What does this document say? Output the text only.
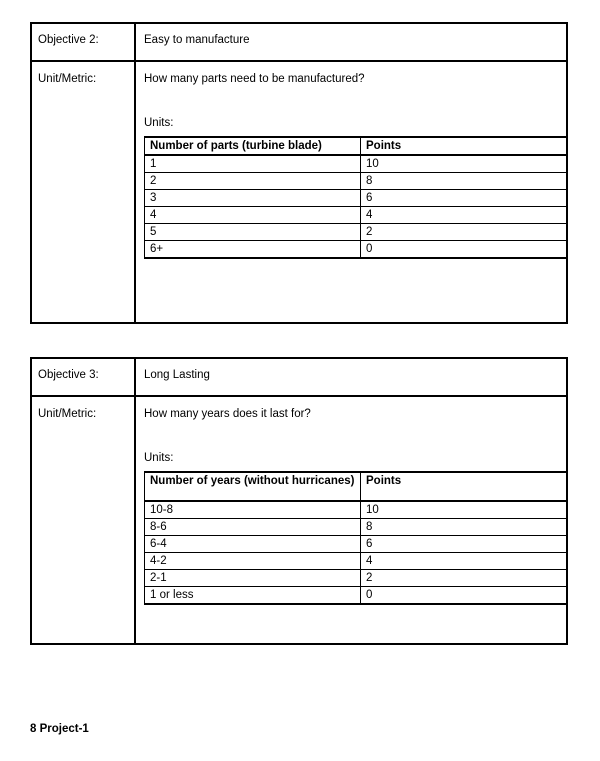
Objective 2:	Easy to manufacture
Unit/Metric:	How many parts need to be manufactured?

Units:

Number of parts (turbine blade)	Points
1	10
2	8
3	6
4	4
5	2
6+	0
Objective 3:	Long Lasting
Unit/Metric:	How many years does it last for?

Units:

Number of years (without hurricanes)	Points
10-8	10
8-6	8
6-4	6
4-2	4
2-1	2
1 or less	0
8 Project-1
